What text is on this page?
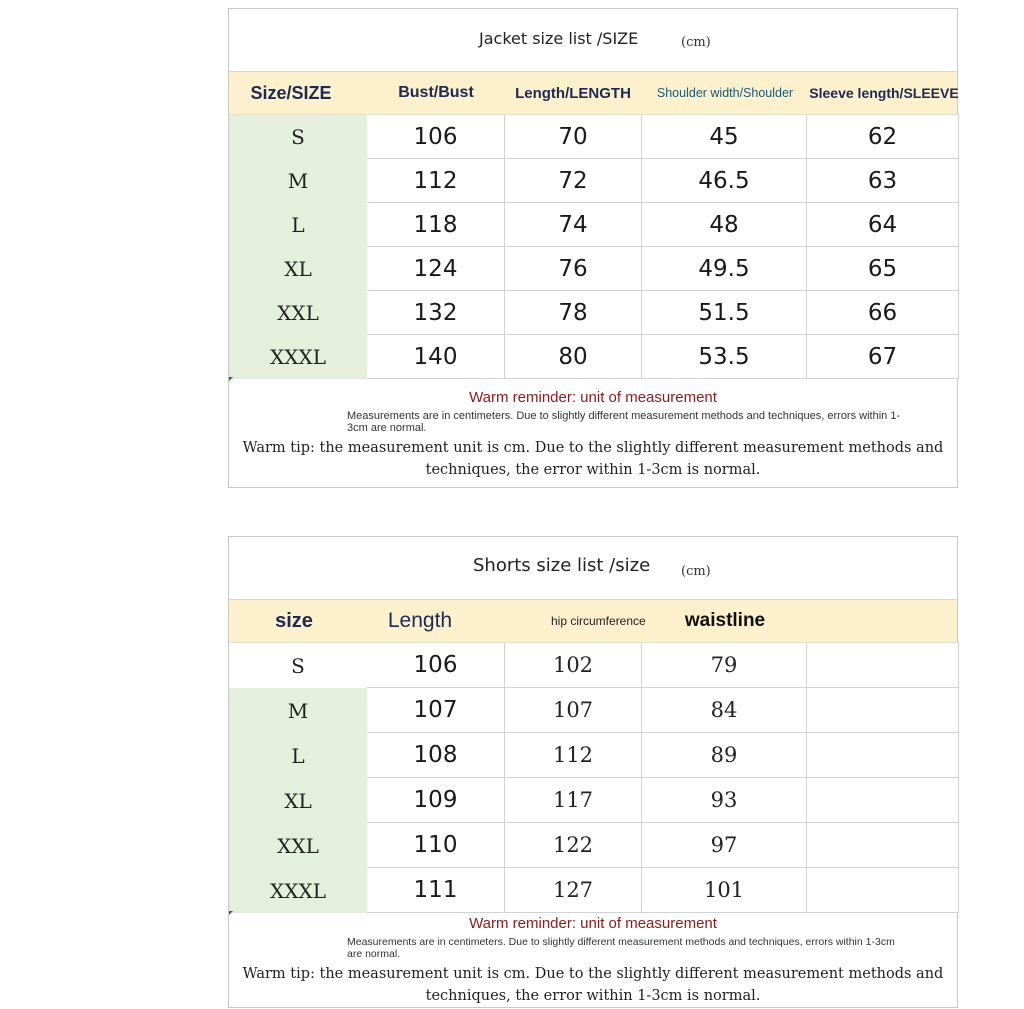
Jacket size list /SIZE	(cm)
Size/SIZE	Bust/Bust	Length/LENGTH	Shoulder width/Shoulder	Sleeve length/SLEEVE
S	106	70	45	62
M	112	72	46.5	63
L	118	74	48	64
XL	124	76	49.5	65
XXL	132	78	51.5	66
XXXL	140	80	53.5	67
Warm reminder: unit of measurement
Measurements are in centimeters. Due to slightly different measurement methods and techniques, errors within 1-3cm are normal.
Warm tip: the measurement unit is cm. Due to the slightly different measurement methods and techniques, the error within 1-3cm is normal.
Shorts size list /size (cm)
size	Length	hip circumference	waistline
S	106	102	79
M	107	107	84
L	108	112	89
XL	109	117	93
XXL	110	122	97
XXXL	111	127	101
Warm reminder: unit of measurement
Measurements are in centimeters. Due to slightly different measurement methods and techniques, errors within 1-3cm are normal.
Warm tip: the measurement unit is cm. Due to the slightly different measurement methods and techniques, the error within 1-3cm is normal.
